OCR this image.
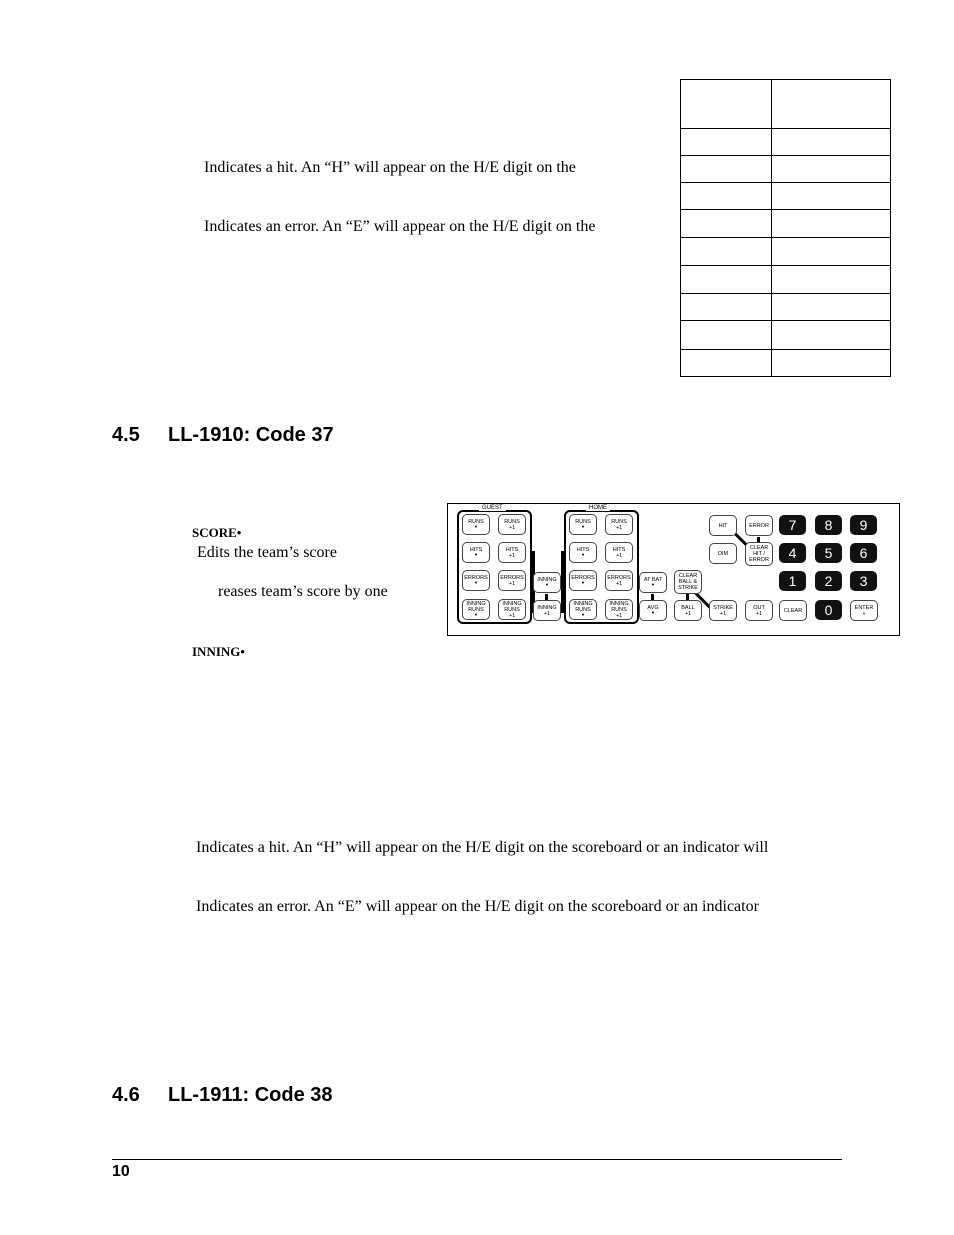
Indicates a hit. An “H” will appear on the H/E digit on the
Indicates an error. An “E” will appear on the H/E digit on the
4.5 LL-1910: Code 37
SCORE•
Edits the team’s score
reases team’s score by one
INNING•
GUEST	HOME
RUNS
•
RUNS
+1
HITS
•
HITS
+1
ERRORS
•
ERRORS
+1
INNING RUNS
•
INNING RUNS
+1
INNING
•
INNING
+1
RUNS
•
RUNS
+1
HITS
•
HITS
+1
ERRORS
•
ERRORS
+1
INNING RUNS
•
INNING RUNS
+1
AT BAT
•
AVG
•
CLEAR BALL &
STRIKE
BALL
+1
STRIKE
+1
OUT
+1
HIT	ERROR
DIM
CLEAR HIT /
ERROR
7	8	9
4	5	6
1	2	3
CLEAR	0	ENTER
»
Indicates a hit. An “H” will appear on the H/E digit on the scoreboard or an indicator will
Indicates an error. An “E” will appear on the H/E digit on the scoreboard or an indicator
4.6 LL-1911: Code 38
10
